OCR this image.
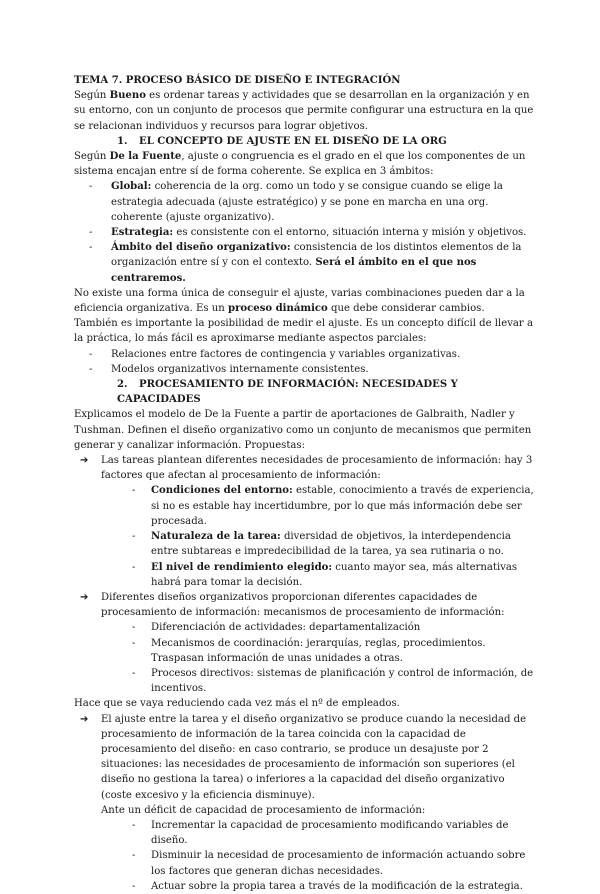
TEMA 7. PROCESO BÁSICO DE DISEÑO E INTEGRACIÓN

Según Bueno es ordenar tareas y actividades que se desarrollan en la organización y en su entorno, con un conjunto de procesos que permite configurar una estructura en la que se relacionan individuos y recursos para lograr objetivos.

1. EL CONCEPTO DE AJUSTE EN EL DISEÑO DE LA ORG

Según De la Fuente, ajuste o congruencia es el grado en el que los componentes de un sistema encajan entre sí de forma coherente. Se explica en 3 ámbitos:

-	Global: coherencia de la org. como un todo y se consigue cuando se elige la estrategia adecuada (ajuste estratégico) y se pone en marcha en una org. coherente (ajuste organizativo).
-	Estrategia: es consistente con el entorno, situación interna y misión y objetivos.
-	Ámbito del diseño organizativo: consistencia de los distintos elementos de la organización entre sí y con el contexto. Será el ámbito en el que nos centraremos.

No existe una forma única de conseguir el ajuste, varias combinaciones pueden dar a la eficiencia organizativa. Es un proceso dinámico que debe considerar cambios.

También es importante la posibilidad de medir el ajuste. Es un concepto difícil de llevar a la práctica, lo más fácil es aproximarse mediante aspectos parciales:

-	Relaciones entre factores de contingencia y variables organizativas.
-	Modelos organizativos internamente consistentes.

2. PROCESAMIENTO DE INFORMACIÓN: NECESIDADES Y CAPACIDADES

Explicamos el modelo de De la Fuente a partir de aportaciones de Galbraith, Nadler y Tushman. Definen el diseño organizativo como un conjunto de mecanismos que permiten generar y canalizar información. Propuestas:

➔	Las tareas plantean diferentes necesidades de procesamiento de información: hay 3 factores que afectan al procesamiento de información:
-	Condiciones del entorno: estable, conocimiento a través de experiencia, si no es estable hay incertidumbre, por lo que más información debe ser procesada.
-	Naturaleza de la tarea: diversidad de objetivos, la interdependencia entre subtareas e impredecibilidad de la tarea, ya sea rutinaria o no.
-	El nivel de rendimiento elegido: cuanto mayor sea, más alternativas habrá para tomar la decisión.
➔	Diferentes diseños organizativos proporcionan diferentes capacidades de procesamiento de información: mecanismos de procesamiento de información:
-	Diferenciación de actividades: departamentalización
-	Mecanismos de coordinación: jerarquías, reglas, procedimientos. Traspasan información de unas unidades a otras.
-	Procesos directivos: sistemas de planificación y control de información, de incentivos.

Hace que se vaya reduciendo cada vez más el nº de empleados.

➔	El ajuste entre la tarea y el diseño organizativo se produce cuando la necesidad de procesamiento de información de la tarea coincida con la capacidad de procesamiento del diseño: en caso contrario, se produce un desajuste por 2 situaciones: las necesidades de procesamiento de información son superiores (el diseño no gestiona la tarea) o inferiores a la capacidad del diseño organizativo (coste excesivo y la eficiencia disminuye).

Ante un déficit de capacidad de procesamiento de información:

-	Incrementar la capacidad de procesamiento modificando variables de diseño.
-	Disminuir la necesidad de procesamiento de información actuando sobre los factores que generan dichas necesidades.
-	Actuar sobre la propia tarea a través de la modificación de la estrategia.
